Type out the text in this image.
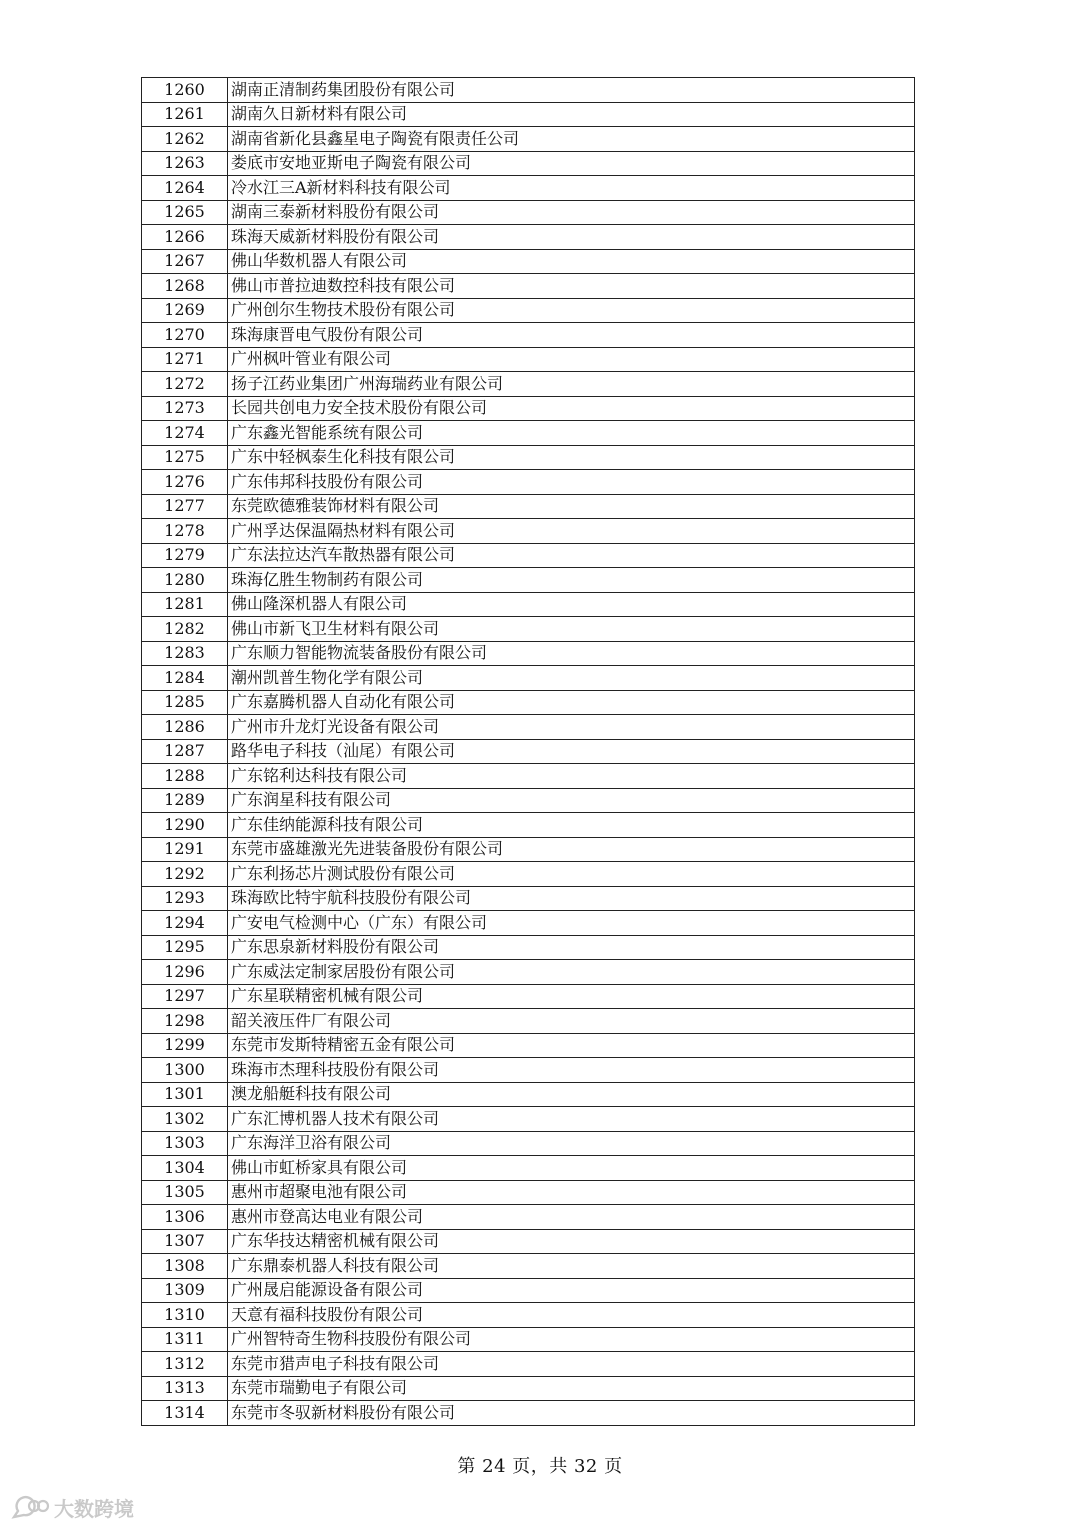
1260	湖南正清制药集团股份有限公司
1261	湖南久日新材料有限公司
1262	湖南省新化县鑫星电子陶瓷有限责任公司
1263	娄底市安地亚斯电子陶瓷有限公司
1264	冷水江三A新材料科技有限公司
1265	湖南三泰新材料股份有限公司
1266	珠海天威新材料股份有限公司
1267	佛山华数机器人有限公司
1268	佛山市普拉迪数控科技有限公司
1269	广州创尔生物技术股份有限公司
1270	珠海康晋电气股份有限公司
1271	广州枫叶管业有限公司
1272	扬子江药业集团广州海瑞药业有限公司
1273	长园共创电力安全技术股份有限公司
1274	广东鑫光智能系统有限公司
1275	广东中轻枫泰生化科技有限公司
1276	广东伟邦科技股份有限公司
1277	东莞欧德雅装饰材料有限公司
1278	广州孚达保温隔热材料有限公司
1279	广东法拉达汽车散热器有限公司
1280	珠海亿胜生物制药有限公司
1281	佛山隆深机器人有限公司
1282	佛山市新飞卫生材料有限公司
1283	广东顺力智能物流装备股份有限公司
1284	潮州凯普生物化学有限公司
1285	广东嘉腾机器人自动化有限公司
1286	广州市升龙灯光设备有限公司
1287	路华电子科技（汕尾）有限公司
1288	广东铭利达科技有限公司
1289	广东润星科技有限公司
1290	广东佳纳能源科技有限公司
1291	东莞市盛雄激光先进装备股份有限公司
1292	广东利扬芯片测试股份有限公司
1293	珠海欧比特宇航科技股份有限公司
1294	广安电气检测中心（广东）有限公司
1295	广东思泉新材料股份有限公司
1296	广东威法定制家居股份有限公司
1297	广东星联精密机械有限公司
1298	韶关液压件厂有限公司
1299	东莞市发斯特精密五金有限公司
1300	珠海市杰理科技股份有限公司
1301	澳龙船艇科技有限公司
1302	广东汇博机器人技术有限公司
1303	广东海洋卫浴有限公司
1304	佛山市虹桥家具有限公司
1305	惠州市超聚电池有限公司
1306	惠州市登高达电业有限公司
1307	广东华技达精密机械有限公司
1308	广东鼎泰机器人科技有限公司
1309	广州晟启能源设备有限公司
1310	天意有福科技股份有限公司
1311	广州智特奇生物科技股份有限公司
1312	东莞市猎声电子科技有限公司
1313	东莞市瑞勤电子有限公司
1314	东莞市冬驭新材料股份有限公司
第 24 页，共 32 页
大数跨境
